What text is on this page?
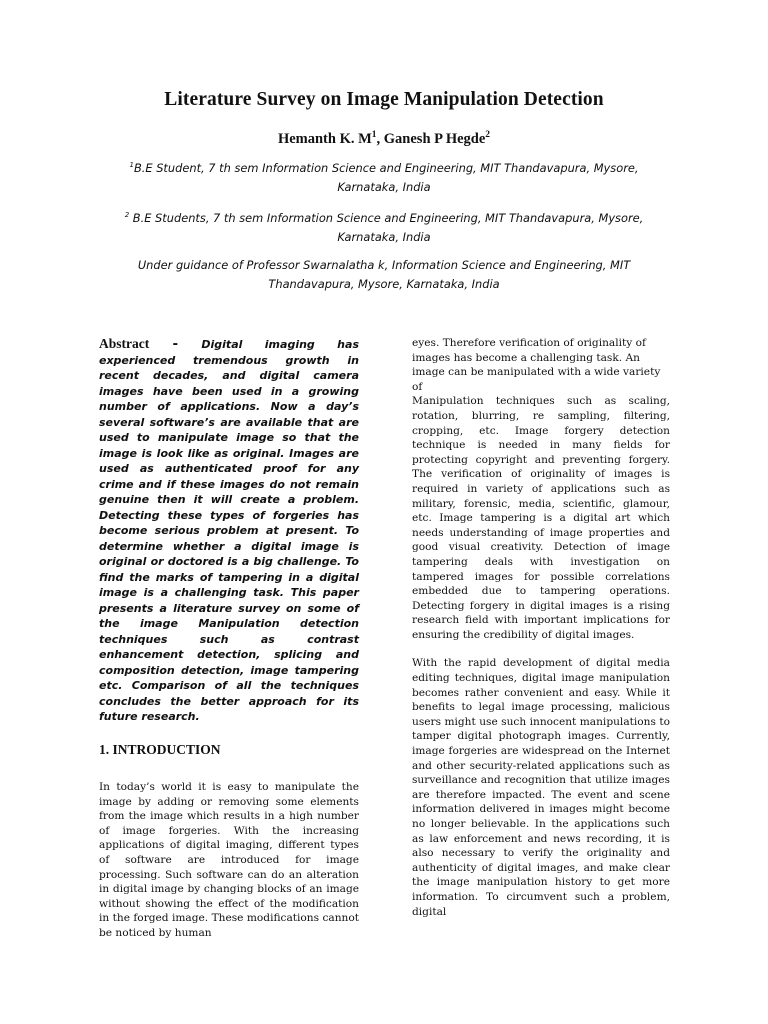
Literature Survey on Image Manipulation Detection
Hemanth K. $M^1$, Ganesh P Hegde$^2$
$^1$B.E Student, 7 th sem Information Science and Engineering, MIT Thandavapura, Mysore, Karnataka, India
$^2$ B.E Students, 7 th sem Information Science and Engineering, MIT Thandavapura, Mysore, Karnataka, India
Under guidance of Professor Swarnalatha k, Information Science and Engineering, MIT Thandavapura, Mysore, Karnataka, India

Abstract - Digital imaging has experienced tremendous growth in recent decades, and digital camera images have been used in a growing number of applications. Now a day’s several software’s are available that are used to manipulate image so that the image is look like as original. Images are used as authenticated proof for any crime and if these images do not remain genuine then it will create a problem. Detecting these types of forgeries has become serious problem at present. To determine whether a digital image is original or doctored is a big challenge. To find the marks of tampering in a digital image is a challenging task. This paper presents a literature survey on some of the image Manipulation detection techniques such as contrast enhancement detection, splicing and composition detection, image tampering etc. Comparison of all the techniques concludes the better approach for its future research.

1. INTRODUCTION

In today’s world it is easy to manipulate the image by adding or removing some elements from the image which results in a high number of image forgeries. With the increasing applications of digital imaging, different types of software are introduced for image processing. Such software can do an alteration in digital image by changing blocks of an image without showing the effect of the modification in the forged image. These modifications cannot be noticed by human

eyes. Therefore verification of originality of images has become a challenging task. An image can be manipulated with a wide variety of

Manipulation techniques such as scaling, rotation, blurring, re sampling, filtering, cropping, etc. Image forgery detection technique is needed in many fields for protecting copyright and preventing forgery. The verification of originality of images is required in variety of applications such as military, forensic, media, scientific, glamour, etc. Image tampering is a digital art which needs understanding of image properties and good visual creativity. Detection of image tampering deals with investigation on tampered images for possible correlations embedded due to tampering operations. Detecting forgery in digital images is a rising research field with important implications for ensuring the credibility of digital images.

With the rapid development of digital media editing techniques, digital image manipulation becomes rather convenient and easy. While it benefits to legal image processing, malicious users might use such innocent manipulations to tamper digital photograph images. Currently, image forgeries are widespread on the Internet and other security-related applications such as surveillance and recognition that utilize images are therefore impacted. The event and scene information delivered in images might become no longer believable. In the applications such as law enforcement and news recording, it is also necessary to verify the originality and authenticity of digital images, and make clear the image manipulation history to get more information. To circumvent such a problem, digital
